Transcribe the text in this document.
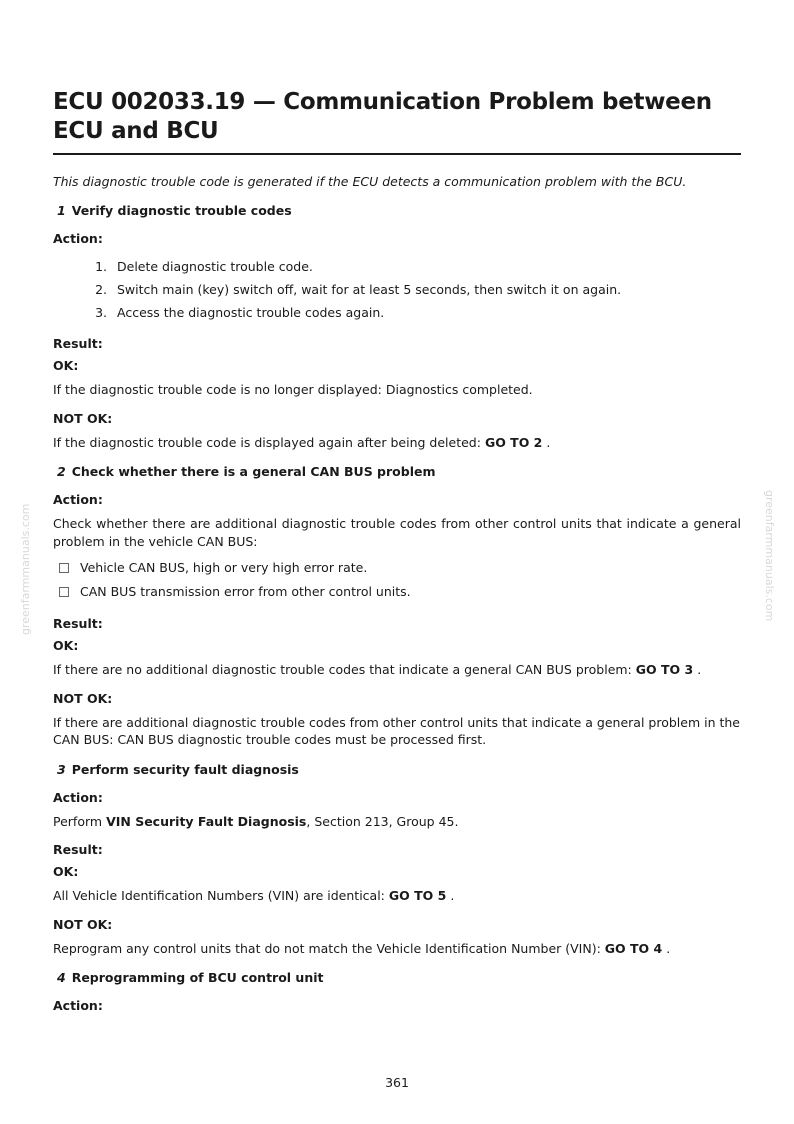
greenfarmmanuals.com	greenfarmmanuals.com
ECU 002033.19 — Communication Problem between ECU and BCU
This diagnostic trouble code is generated if the ECU detects a communication problem with the BCU.
1 Verify diagnostic trouble codes
Action:
1. Delete diagnostic trouble code.
2. Switch main (key) switch off, wait for at least 5 seconds, then switch it on again.
3. Access the diagnostic trouble codes again.
Result:
OK:
If the diagnostic trouble code is no longer displayed: Diagnostics completed.
NOT OK:
If the diagnostic trouble code is displayed again after being deleted: GO TO 2 .
2 Check whether there is a general CAN BUS problem
Action:
Check whether there are additional diagnostic trouble codes from other control units that indicate a general problem in the vehicle CAN BUS:
Vehicle CAN BUS, high or very high error rate.
CAN BUS transmission error from other control units.
Result:
OK:
If there are no additional diagnostic trouble codes that indicate a general CAN BUS problem: GO TO 3 .
NOT OK:
If there are additional diagnostic trouble codes from other control units that indicate a general problem in the CAN BUS: CAN BUS diagnostic trouble codes must be processed first.
3 Perform security fault diagnosis
Action:
Perform VIN Security Fault Diagnosis, Section 213, Group 45.
Result:
OK:
All Vehicle Identification Numbers (VIN) are identical: GO TO 5 .
NOT OK:
Reprogram any control units that do not match the Vehicle Identification Number (VIN): GO TO 4 .
4 Reprogramming of BCU control unit
Action:
361
